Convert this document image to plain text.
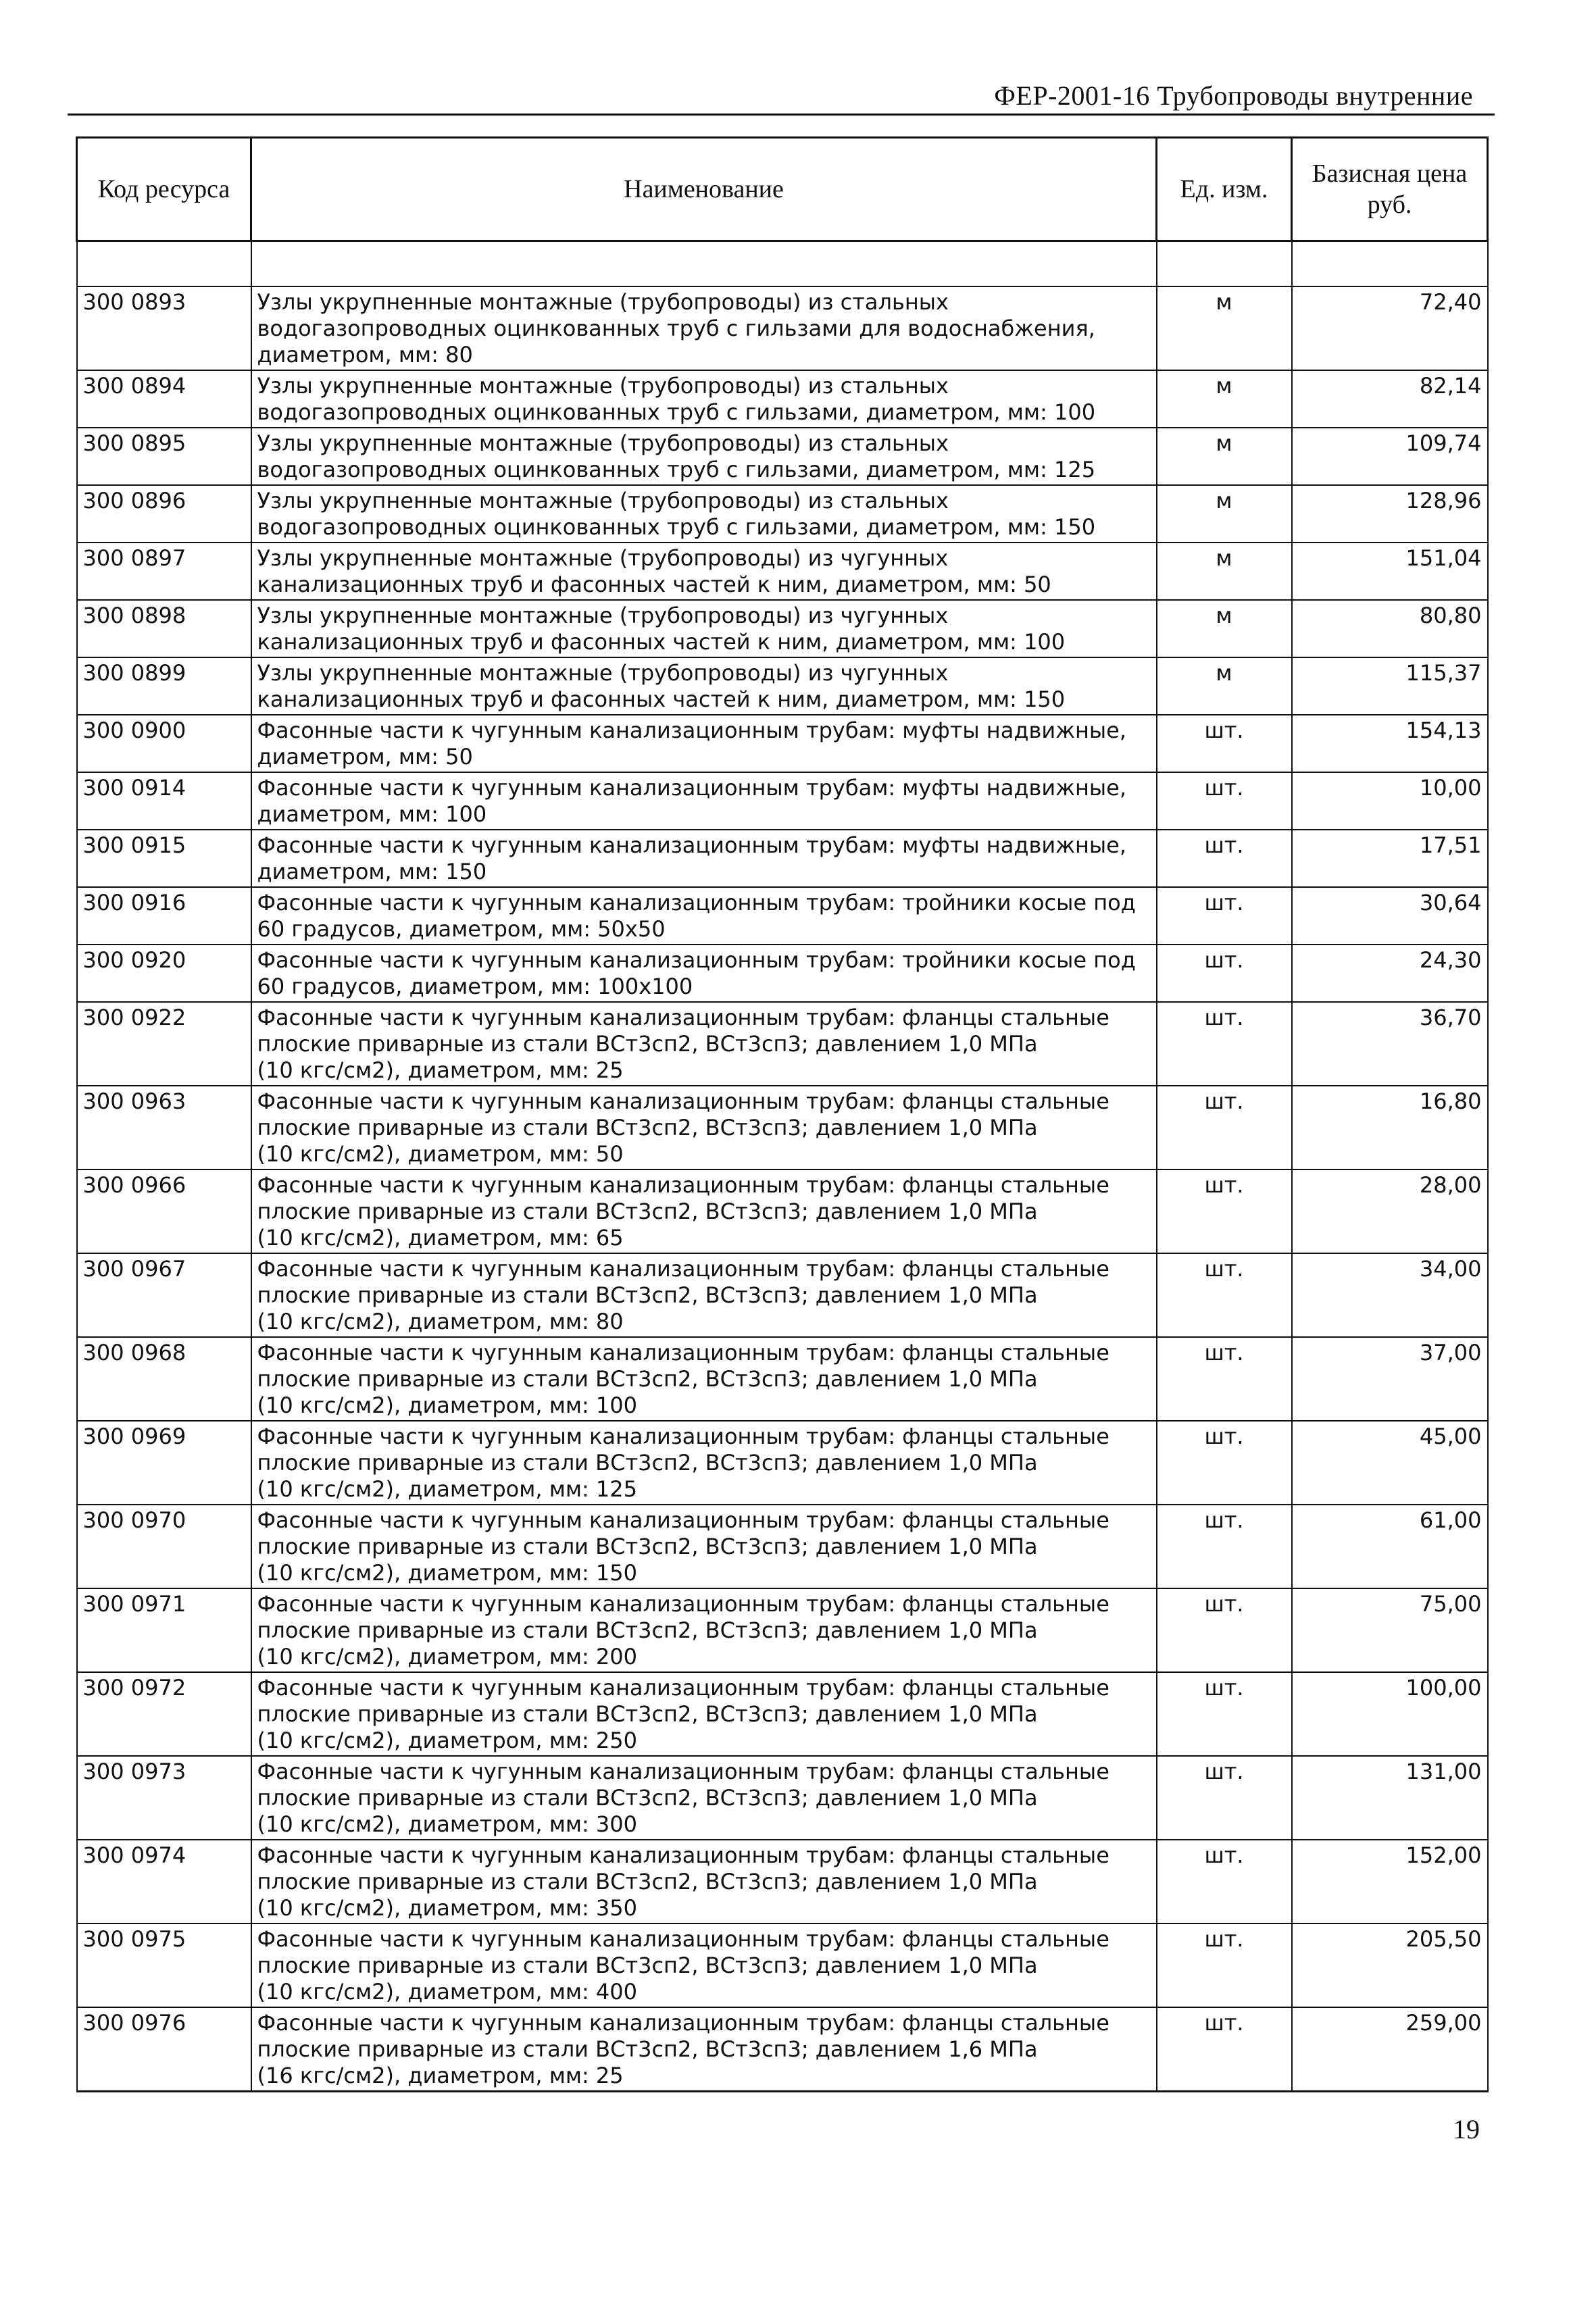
ФЕР-2001-16 Трубопроводы внутренние
Код ресурса	Наименование	Ед. изм.	Базисная цена
руб.

300 0893	Узлы укрупненные монтажные (трубопроводы) из стальных
водогазопроводных оцинкованных труб с гильзами для водоснабжения,
диаметром, мм: 80	м	72,40
300 0894	Узлы укрупненные монтажные (трубопроводы) из стальных
водогазопроводных оцинкованных труб с гильзами, диаметром, мм: 100	м	82,14
300 0895	Узлы укрупненные монтажные (трубопроводы) из стальных
водогазопроводных оцинкованных труб с гильзами, диаметром, мм: 125	м	109,74
300 0896	Узлы укрупненные монтажные (трубопроводы) из стальных
водогазопроводных оцинкованных труб с гильзами, диаметром, мм: 150	м	128,96
300 0897	Узлы укрупненные монтажные (трубопроводы) из чугунных
канализационных труб и фасонных частей к ним, диаметром, мм: 50	м	151,04
300 0898	Узлы укрупненные монтажные (трубопроводы) из чугунных
канализационных труб и фасонных частей к ним, диаметром, мм: 100	м	80,80
300 0899	Узлы укрупненные монтажные (трубопроводы) из чугунных
канализационных труб и фасонных частей к ним, диаметром, мм: 150	м	115,37
300 0900	Фасонные части к чугунным канализационным трубам: муфты надвижные,
диаметром, мм: 50	шт.	154,13
300 0914	Фасонные части к чугунным канализационным трубам: муфты надвижные,
диаметром, мм: 100	шт.	10,00
300 0915	Фасонные части к чугунным канализационным трубам: муфты надвижные,
диаметром, мм: 150	шт.	17,51
300 0916	Фасонные части к чугунным канализационным трубам: тройники косые под
60 градусов, диаметром, мм: 50x50	шт.	30,64
300 0920	Фасонные части к чугунным канализационным трубам: тройники косые под
60 градусов, диаметром, мм: 100x100	шт.	24,30
300 0922	Фасонные части к чугунным канализационным трубам: фланцы стальные
плоские приварные из стали ВСт3сп2, ВСт3сп3; давлением 1,0 МПа
(10 кгс/см2), диаметром, мм: 25	шт.	36,70
300 0963	Фасонные части к чугунным канализационным трубам: фланцы стальные
плоские приварные из стали ВСт3сп2, ВСт3сп3; давлением 1,0 МПа
(10 кгс/см2), диаметром, мм: 50	шт.	16,80
300 0966	Фасонные части к чугунным канализационным трубам: фланцы стальные
плоские приварные из стали ВСт3сп2, ВСт3сп3; давлением 1,0 МПа
(10 кгс/см2), диаметром, мм: 65	шт.	28,00
300 0967	Фасонные части к чугунным канализационным трубам: фланцы стальные
плоские приварные из стали ВСт3сп2, ВСт3сп3; давлением 1,0 МПа
(10 кгс/см2), диаметром, мм: 80	шт.	34,00
300 0968	Фасонные части к чугунным канализационным трубам: фланцы стальные
плоские приварные из стали ВСт3сп2, ВСт3сп3; давлением 1,0 МПа
(10 кгс/см2), диаметром, мм: 100	шт.	37,00
300 0969	Фасонные части к чугунным канализационным трубам: фланцы стальные
плоские приварные из стали ВСт3сп2, ВСт3сп3; давлением 1,0 МПа
(10 кгс/см2), диаметром, мм: 125	шт.	45,00
300 0970	Фасонные части к чугунным канализационным трубам: фланцы стальные
плоские приварные из стали ВСт3сп2, ВСт3сп3; давлением 1,0 МПа
(10 кгс/см2), диаметром, мм: 150	шт.	61,00
300 0971	Фасонные части к чугунным канализационным трубам: фланцы стальные
плоские приварные из стали ВСт3сп2, ВСт3сп3; давлением 1,0 МПа
(10 кгс/см2), диаметром, мм: 200	шт.	75,00
300 0972	Фасонные части к чугунным канализационным трубам: фланцы стальные
плоские приварные из стали ВСт3сп2, ВСт3сп3; давлением 1,0 МПа
(10 кгс/см2), диаметром, мм: 250	шт.	100,00
300 0973	Фасонные части к чугунным канализационным трубам: фланцы стальные
плоские приварные из стали ВСт3сп2, ВСт3сп3; давлением 1,0 МПа
(10 кгс/см2), диаметром, мм: 300	шт.	131,00
300 0974	Фасонные части к чугунным канализационным трубам: фланцы стальные
плоские приварные из стали ВСт3сп2, ВСт3сп3; давлением 1,0 МПа
(10 кгс/см2), диаметром, мм: 350	шт.	152,00
300 0975	Фасонные части к чугунным канализационным трубам: фланцы стальные
плоские приварные из стали ВСт3сп2, ВСт3сп3; давлением 1,0 МПа
(10 кгс/см2), диаметром, мм: 400	шт.	205,50
300 0976	Фасонные части к чугунным канализационным трубам: фланцы стальные
плоские приварные из стали ВСт3сп2, ВСт3сп3; давлением 1,6 МПа
(16 кгс/см2), диаметром, мм: 25	шт.	259,00
19
